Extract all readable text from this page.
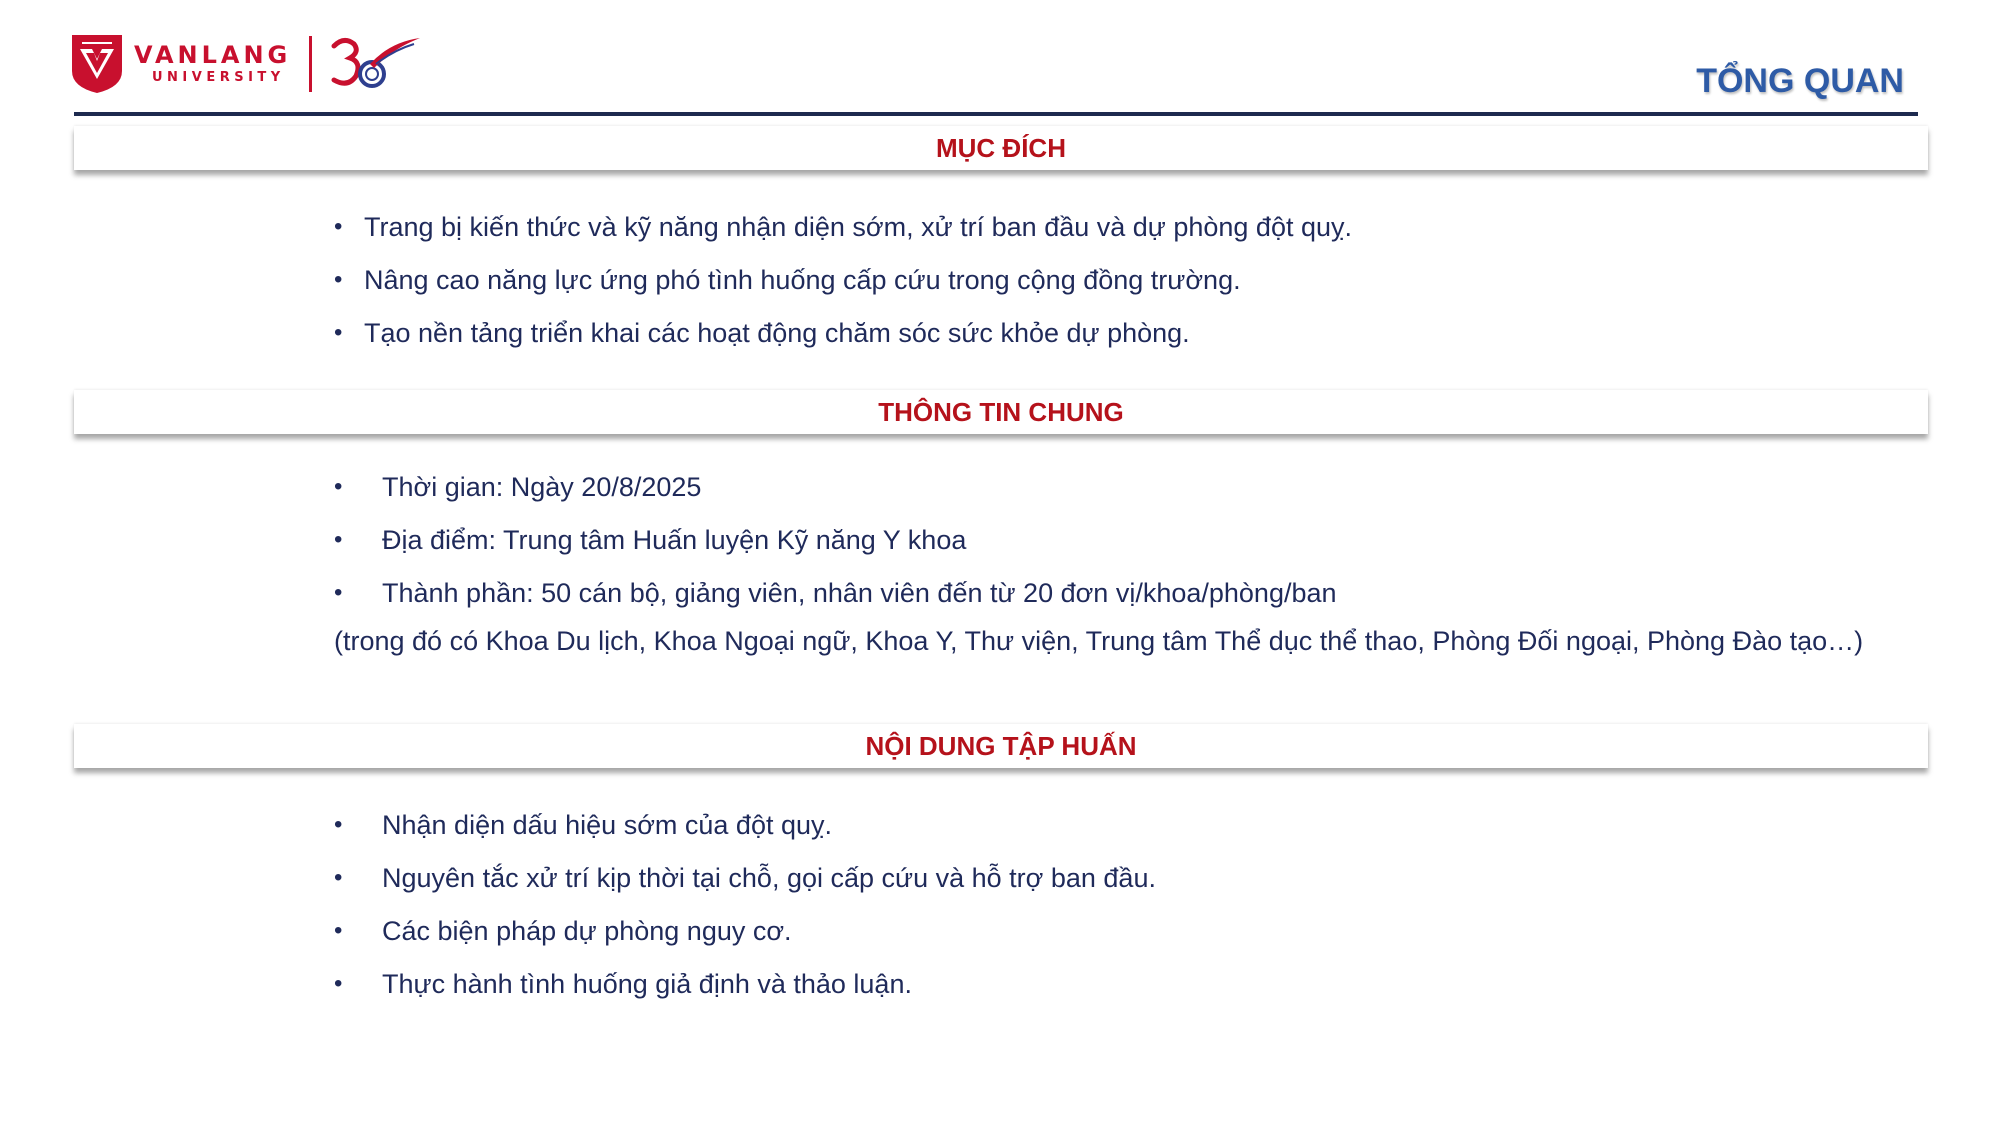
VANLANG
UNIVERSITY	TỔNG QUAN
MỤC ĐÍCH
• Trang bị kiến thức và kỹ năng nhận diện sớm, xử trí ban đầu và dự phòng đột quỵ.
• Nâng cao năng lực ứng phó tình huống cấp cứu trong cộng đồng trường.
• Tạo nền tảng triển khai các hoạt động chăm sóc sức khỏe dự phòng.
THÔNG TIN CHUNG
• Thời gian: Ngày 20/8/2025
• Địa điểm: Trung tâm Huấn luyện Kỹ năng Y khoa
• Thành phần: 50 cán bộ, giảng viên, nhân viên đến từ 20 đơn vị/khoa/phòng/ban
(trong đó có Khoa Du lịch, Khoa Ngoại ngữ, Khoa Y, Thư viện, Trung tâm Thể dục thể thao, Phòng Đối ngoại, Phòng Đào tạo…)
NỘI DUNG TẬP HUẤN
• Nhận diện dấu hiệu sớm của đột quỵ.
• Nguyên tắc xử trí kịp thời tại chỗ, gọi cấp cứu và hỗ trợ ban đầu.
• Các biện pháp dự phòng nguy cơ.
• Thực hành tình huống giả định và thảo luận.
